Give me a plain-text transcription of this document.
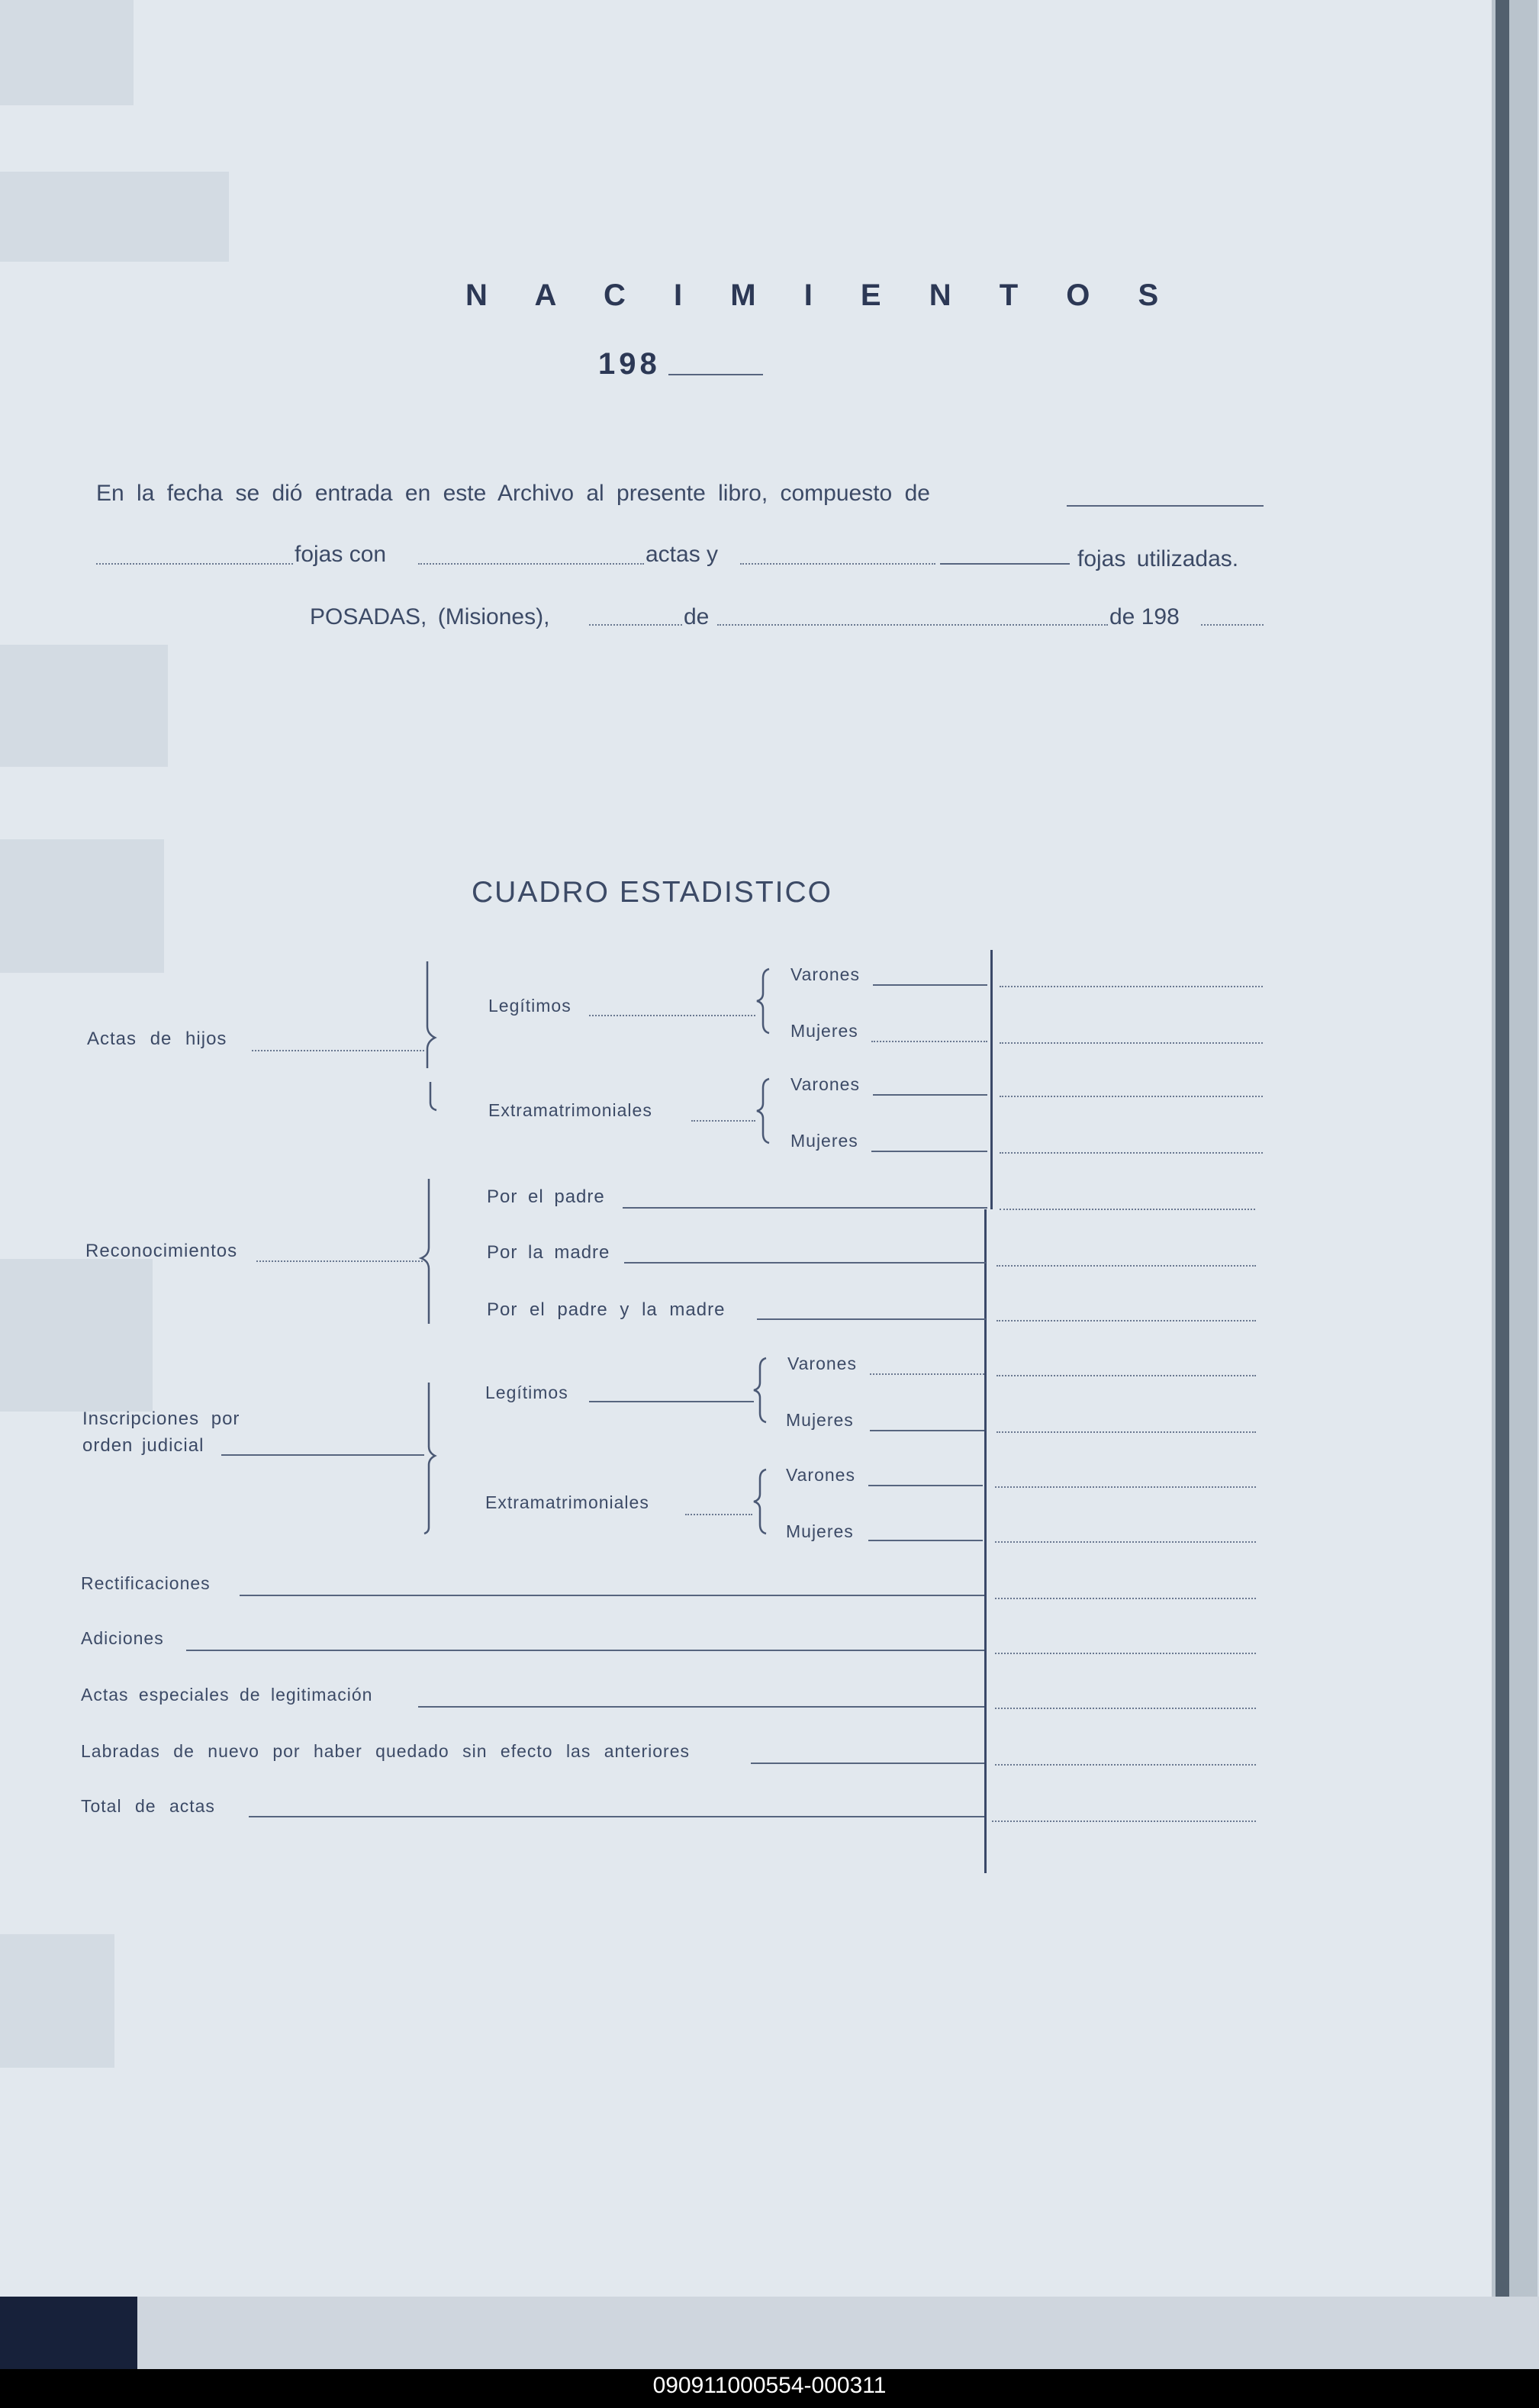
N A C I M I E N T O S
198
En la fecha se dió entrada en este Archivo al presente libro, compuesto de
fojas con	actas y	fojas utilizadas.
POSADAS, (Misiones),	de	de 198
CUADRO ESTADISTICO
Actas de hijos
Legítimos
Varones
Mujeres
Extramatrimoniales
Varones
Mujeres
Reconocimientos
Por el padre
Por la madre
Por el padre y la madre
Inscripciones por
orden judicial
Legítimos
Varones
Mujeres
Extramatrimoniales
Varones
Mujeres
Rectificaciones
Adiciones
Actas especiales de legitimación
Labradas de nuevo por haber quedado sin efecto las anteriores
Total de actas
090911000554-000311
